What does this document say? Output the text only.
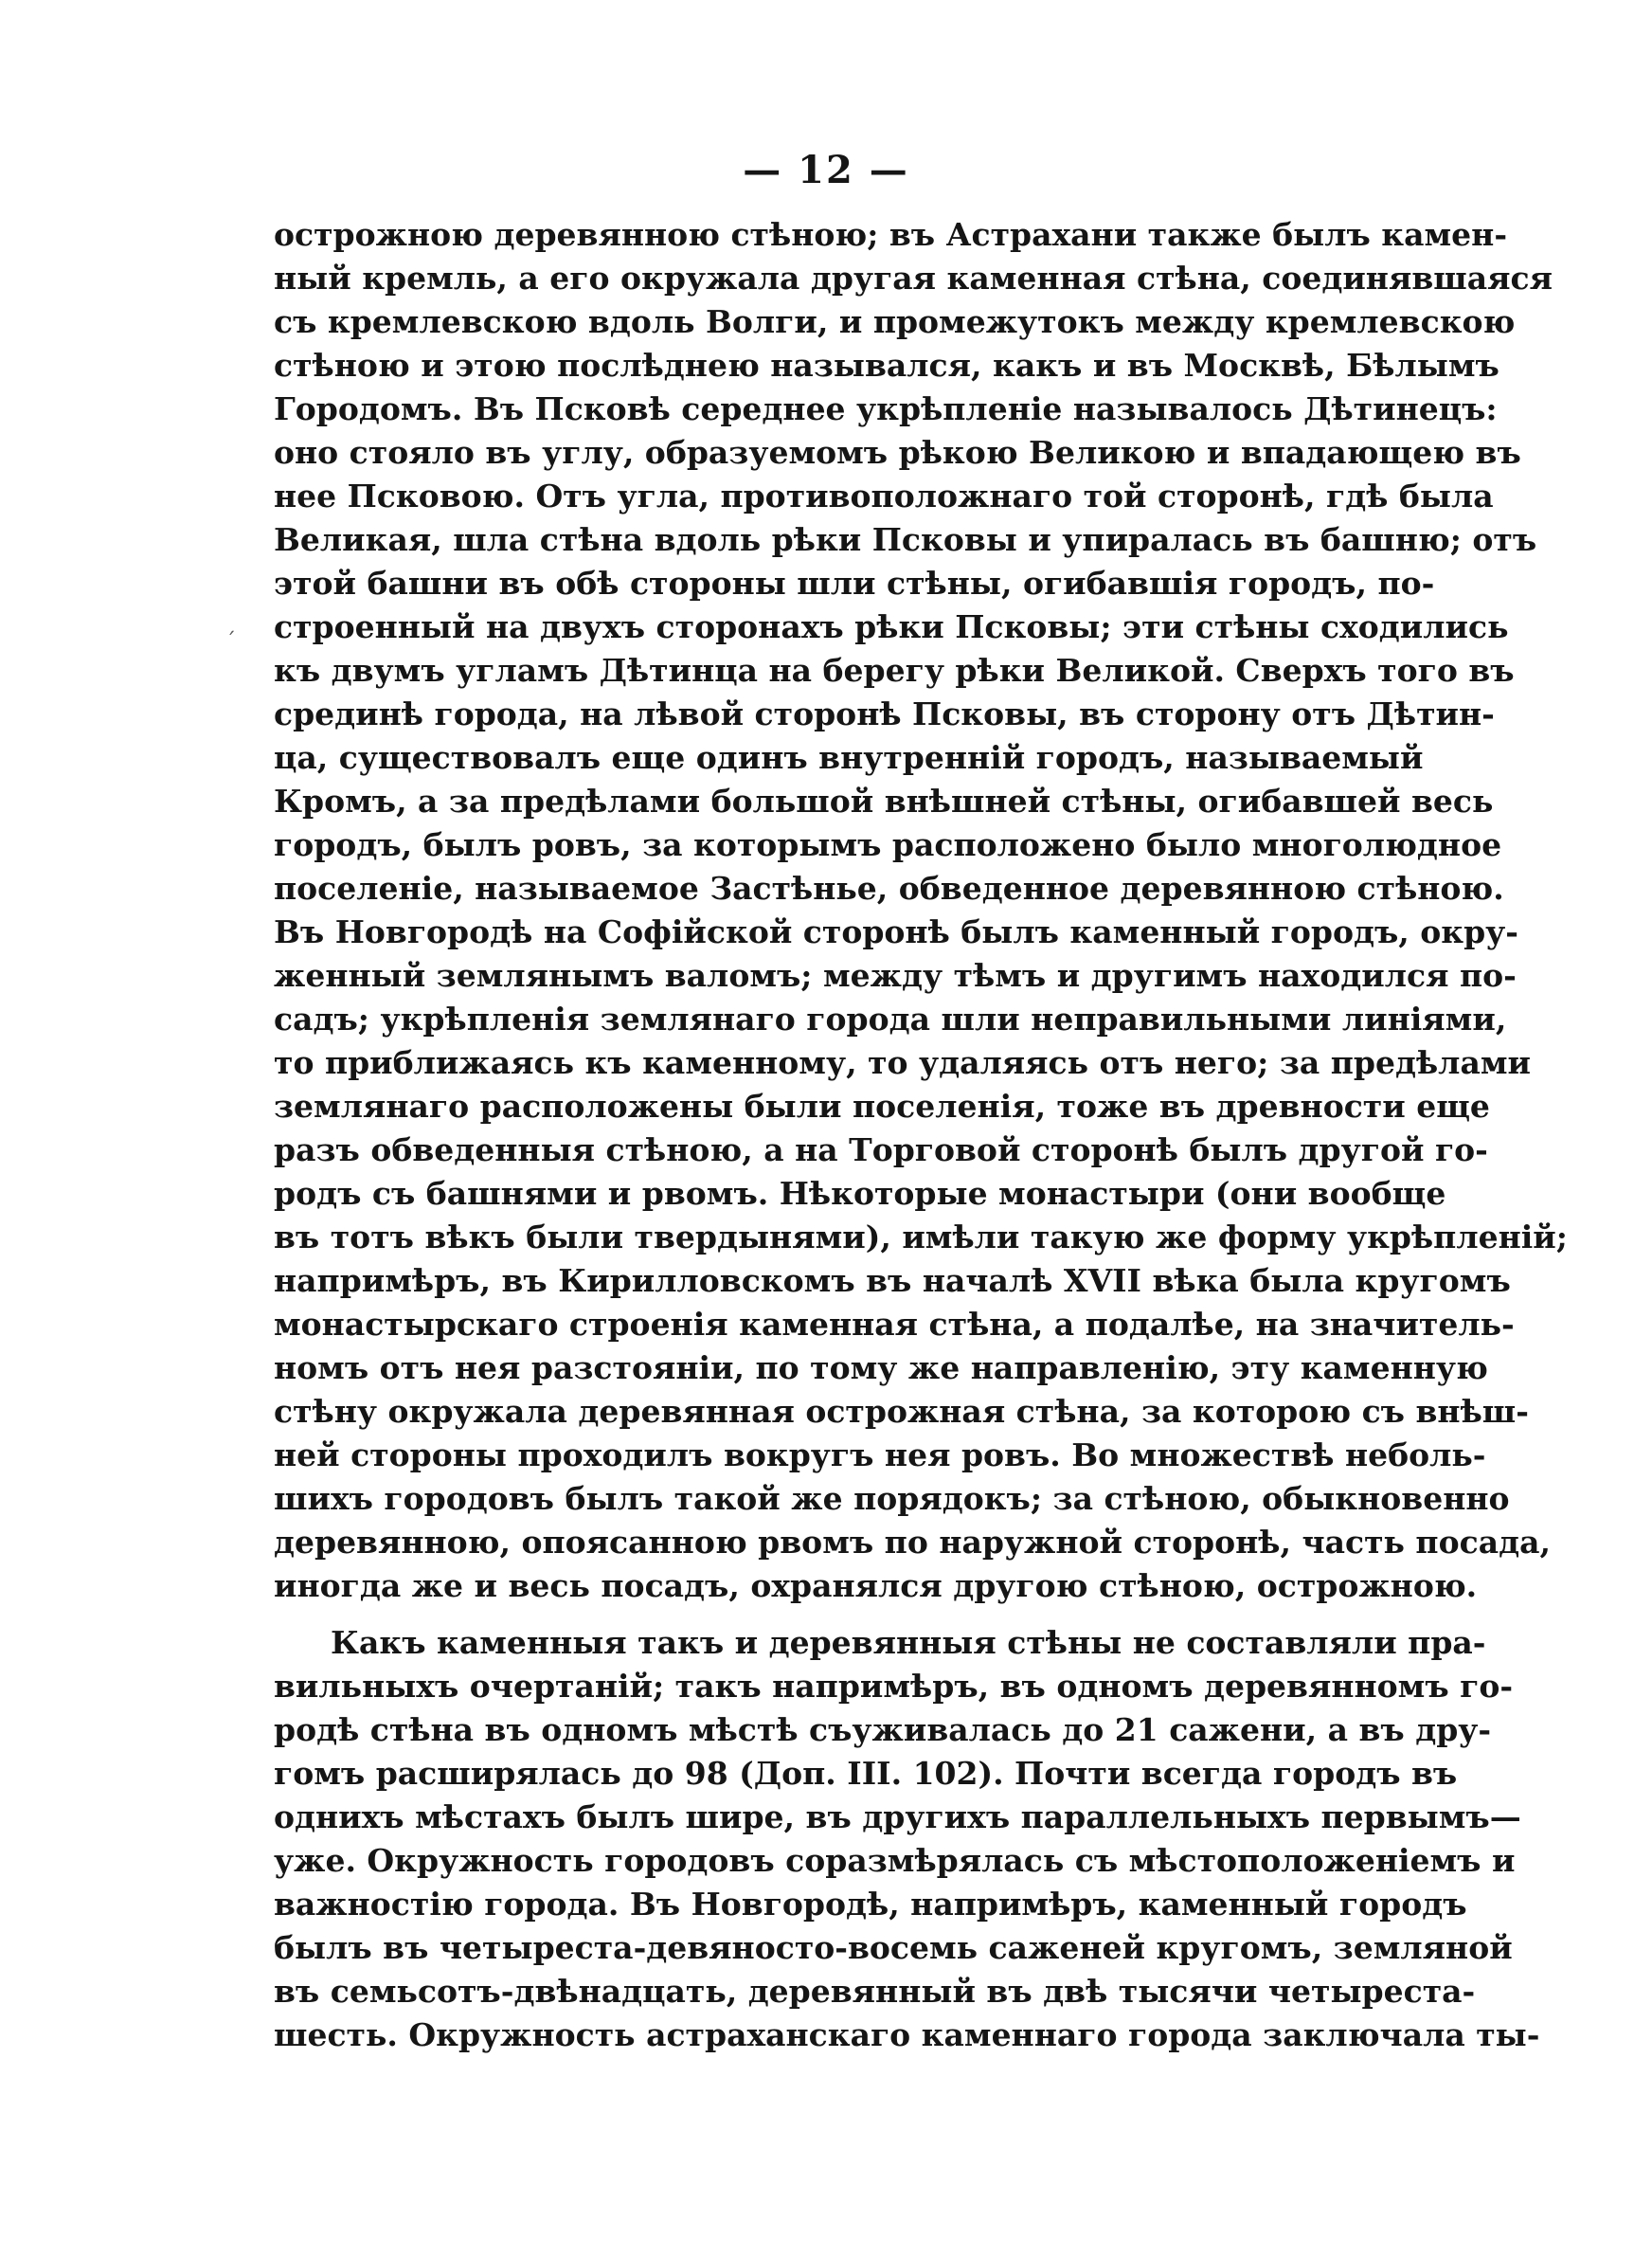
— 12 —
ˊ
острожною деревянною стѣною; въ Астрахани также былъ камен-
ный кремль, а его окружала другая каменная стѣна, соединявшаяся
съ кремлевскою вдоль Волги, и промежутокъ между кремлевскою
стѣною и этою послѣднею назывался, какъ и въ Москвѣ, Бѣлымъ
Городомъ. Въ Псковѣ середнее укрѣпленіе называлось Дѣтинецъ:
оно стояло въ углу, образуемомъ рѣкою Великою и впадающею въ
нее Псковою. Отъ угла, противоположнаго той сторонѣ, гдѣ была
Великая, шла стѣна вдоль рѣки Псковы и упиралась въ башню; отъ
этой башни въ обѣ стороны шли стѣны, огибавшія городъ, по-
строенный на двухъ сторонахъ рѣки Псковы; эти стѣны сходились
къ двумъ угламъ Дѣтинца на берегу рѣки Великой. Сверхъ того въ
срединѣ города, на лѣвой сторонѣ Псковы, въ сторону отъ Дѣтин-
ца, существовалъ еще одинъ внутренній городъ, называемый
Кромъ, а за предѣлами большой внѣшней стѣны, огибавшей весь
городъ, былъ ровъ, за которымъ расположено было многолюдное
поселеніе, называемое Застѣнье, обведенное деревянною стѣною.
Въ Новгородѣ на Софійской сторонѣ былъ каменный городъ, окру-
женный землянымъ валомъ; между тѣмъ и другимъ находился по-
садъ; укрѣпленія землянаго города шли неправильными линіями,
то приближаясь къ каменному, то удаляясь отъ него; за предѣлами
землянаго расположены были поселенія, тоже въ древности еще
разъ обведенныя стѣною, а на Торговой сторонѣ былъ другой го-
родъ съ башнями и рвомъ. Нѣкоторые монастыри (они вообще
въ тотъ вѣкъ были твердынями), имѣли такую же форму укрѣпленій;
напримѣръ, въ Кирилловскомъ въ началѣ XVII вѣка была кругомъ
монастырскаго строенія каменная стѣна, а подалѣе, на значитель-
номъ отъ нея разстояніи, по тому же направленію, эту каменную
стѣну окружала деревянная острожная стѣна, за которою съ внѣш-
ней стороны проходилъ вокругъ нея ровъ. Во множествѣ неболь-
шихъ городовъ былъ такой же порядокъ; за стѣною, обыкновенно
деревянною, опоясанною рвомъ по наружной сторонѣ, часть посада,
иногда же и весь посадъ, охранялся другою стѣною, острожною.
Какъ каменныя такъ и деревянныя стѣны не составляли пра-
вильныхъ очертаній; такъ напримѣръ, въ одномъ деревянномъ го-
родѣ стѣна въ одномъ мѣстѣ съуживалась до 21 сажени, а въ дру-
гомъ расширялась до 98 (Доп. III. 102). Почти всегда городъ въ
однихъ мѣстахъ былъ шире, въ другихъ параллельныхъ первымъ—
уже. Окружность городовъ соразмѣрялась съ мѣстоположеніемъ и
важностію города. Въ Новгородѣ, напримѣръ, каменный городъ
былъ въ четыреста-девяносто-восемь саженей кругомъ, земляной
въ семьсотъ-двѣнадцать, деревянный въ двѣ тысячи четыреста-
шесть. Окружность астраханскаго каменнаго города заключала ты-
